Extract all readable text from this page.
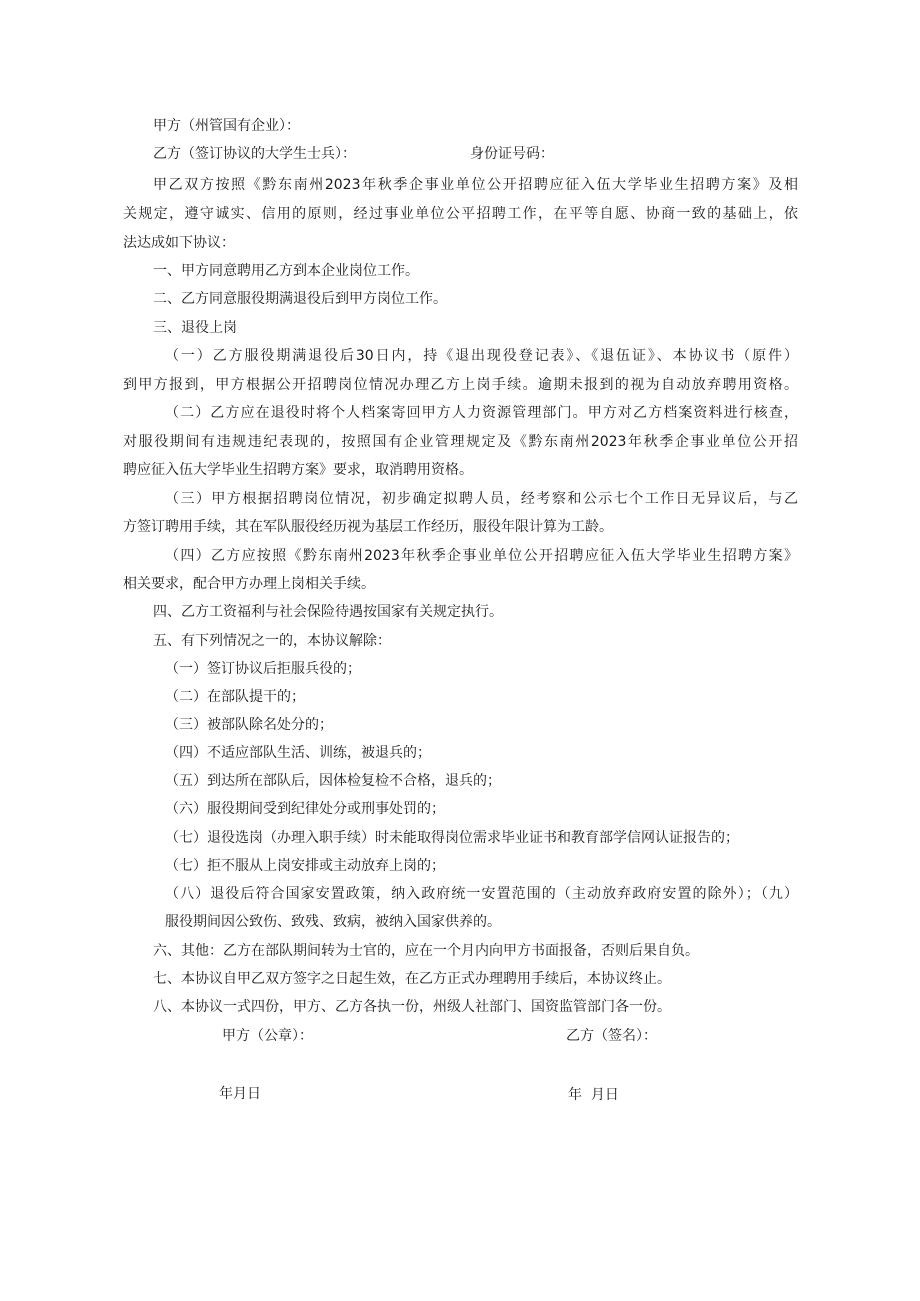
甲方（州管国有企业）：
乙方（签订协议的大学生士兵）：	身份证号码：
甲乙双方按照《黔东南州2023年秋季企事业单位公开招聘应征入伍大学毕业生招聘方案》及相
关规定，遵守诚实、信用的原则，经过事业单位公平招聘工作，在平等自愿、协商一致的基础上，依
法达成如下协议：
一、甲方同意聘用乙方到本企业岗位工作。
二、乙方同意服役期满退役后到甲方岗位工作。
三、退役上岗
（一）乙方服役期满退役后30日内，持《退出现役登记表》、《退伍证》、本协议书（原件）
到甲方报到，甲方根据公开招聘岗位情况办理乙方上岗手续。逾期未报到的视为自动放弃聘用资格。
（二）乙方应在退役时将个人档案寄回甲方人力资源管理部门。甲方对乙方档案资料进行核查，
对服役期间有违规违纪表现的，按照国有企业管理规定及《黔东南州2023年秋季企事业单位公开招
聘应征入伍大学毕业生招聘方案》要求，取消聘用资格。
（三）甲方根据招聘岗位情况，初步确定拟聘人员，经考察和公示七个工作日无异议后，与乙
方签订聘用手续，其在军队服役经历视为基层工作经历，服役年限计算为工龄。
（四）乙方应按照《黔东南州2023年秋季企事业单位公开招聘应征入伍大学毕业生招聘方案》
相关要求，配合甲方办理上岗相关手续。
四、乙方工资福利与社会保险待遇按国家有关规定执行。
五、有下列情况之一的，本协议解除：
（一）签订协议后拒服兵役的；
（二）在部队提干的；
（三）被部队除名处分的；
（四）不适应部队生活、训练，被退兵的；
（五）到达所在部队后，因体检复检不合格，退兵的；
（六）服役期间受到纪律处分或刑事处罚的；
（七）退役选岗（办理入职手续）时未能取得岗位需求毕业证书和教育部学信网认证报告的；
（七）拒不服从上岗安排或主动放弃上岗的；
（八）退役后符合国家安置政策，纳入政府统一安置范围的（主动放弃政府安置的除外）；（九）
服役期间因公致伤、致残、致病，被纳入国家供养的。
六、其他：乙方在部队期间转为士官的，应在一个月内向甲方书面报备，否则后果自负。
七、本协议自甲乙双方签字之日起生效，在乙方正式办理聘用手续后，本协议终止。
八、本协议一式四份，甲方、乙方各执一份，州级人社部门、国资监管部门各一份。
甲方（公章）：	乙方（签名）：
年月日	年  月日
